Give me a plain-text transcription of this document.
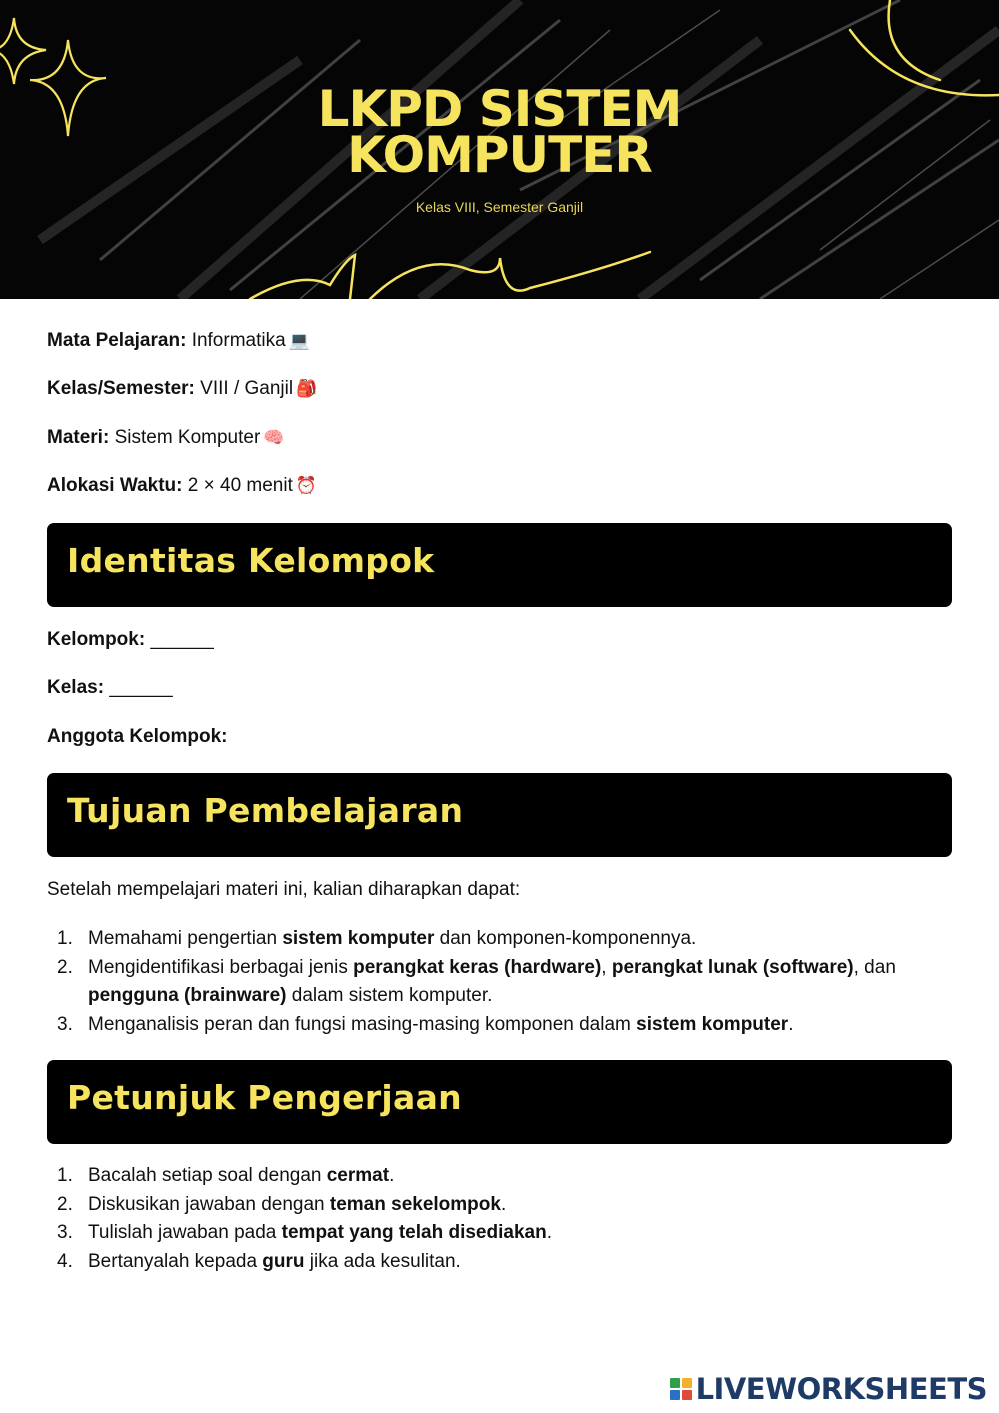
LKPD SISTEM
KOMPUTER
Kelas VIII, Semester Ganjil
Mata Pelajaran: Informatika 💻
Kelas/Semester: VIII / Ganjil 🎒
Materi: Sistem Komputer 🧠
Alokasi Waktu: 2 × 40 menit ⏰
Identitas Kelompok
Kelompok: ______
Kelas: ______
Anggota Kelompok:
Tujuan Pembelajaran
Setelah mempelajari materi ini, kalian diharapkan dapat:
1. Memahami pengertian sistem komputer dan komponen-komponennya.
2. Mengidentifikasi berbagai jenis perangkat keras (hardware), perangkat lunak (software), dan pengguna (brainware) dalam sistem komputer.
3. Menganalisis peran dan fungsi masing-masing komponen dalam sistem komputer.
Petunjuk Pengerjaan
1. Bacalah setiap soal dengan cermat.
2. Diskusikan jawaban dengan teman sekelompok.
3. Tulislah jawaban pada tempat yang telah disediakan.
4. Bertanyalah kepada guru jika ada kesulitan.
LIVEWORKSHEETS
